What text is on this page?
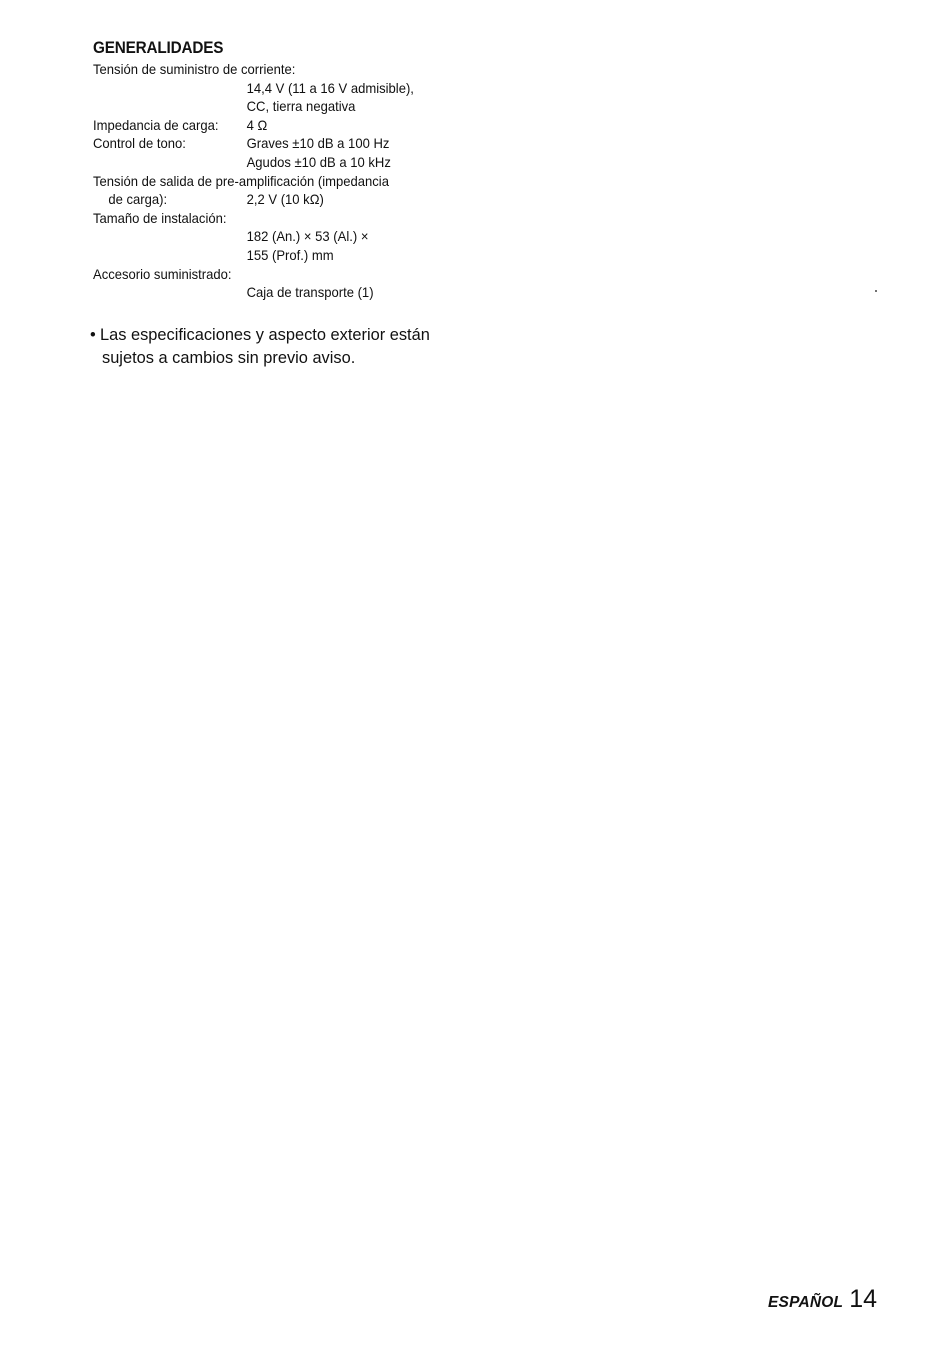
GENERALIDADES
Tensión de suministro de corriente:
14,4 V (11 a 16 V admisible),
CC, tierra negativa
Impedancia de carga: 4 Ω
Control de tono:	Graves ±10 dB a 100 Hz
Agudos ±10 dB a 10 kHz
Tensión de salida de pre-amplificación (impedancia
de carga):	2,2 V (10 kΩ)
Tamaño de instalación:
182 (An.) × 53 (Al.) ×
155 (Prof.) mm
Accesorio suministrado:
Caja de transporte (1)
• Las especificaciones y aspecto exterior están
sujetos a cambios sin previo aviso.
ESPAÑOL 14
